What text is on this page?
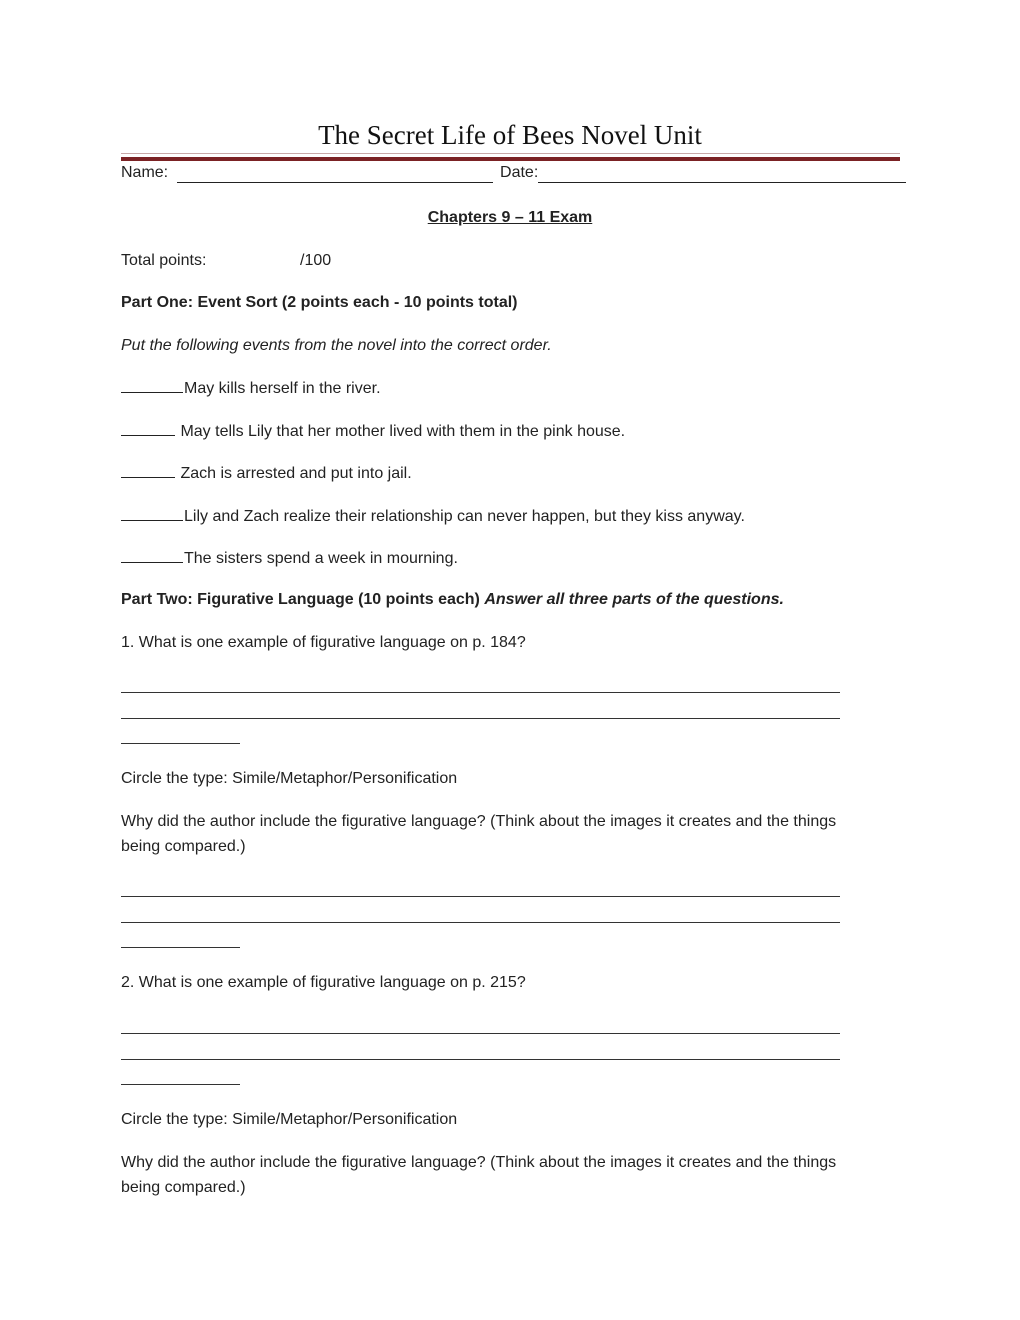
The Secret Life of Bees Novel Unit
Name:	Date:
Chapters 9 – 11 Exam
Total points:	/100
Part One: Event Sort (2 points each - 10 points total)
Put the following events from the novel into the correct order.
May kills herself in the river.
May tells Lily that her mother lived with them in the pink house.
Zach is arrested and put into jail.
Lily and Zach realize their relationship can never happen, but they kiss anyway.
The sisters spend a week in mourning.
Part Two: Figurative Language (10 points each) Answer all three parts of the questions.
1. What is one example of figurative language on p. 184?
Circle the type: Simile/Metaphor/Personification
Why did the author include the figurative language? (Think about the images it creates and the things
being compared.)
2. What is one example of figurative language on p. 215?
Circle the type: Simile/Metaphor/Personification
Why did the author include the figurative language? (Think about the images it creates and the things
being compared.)
